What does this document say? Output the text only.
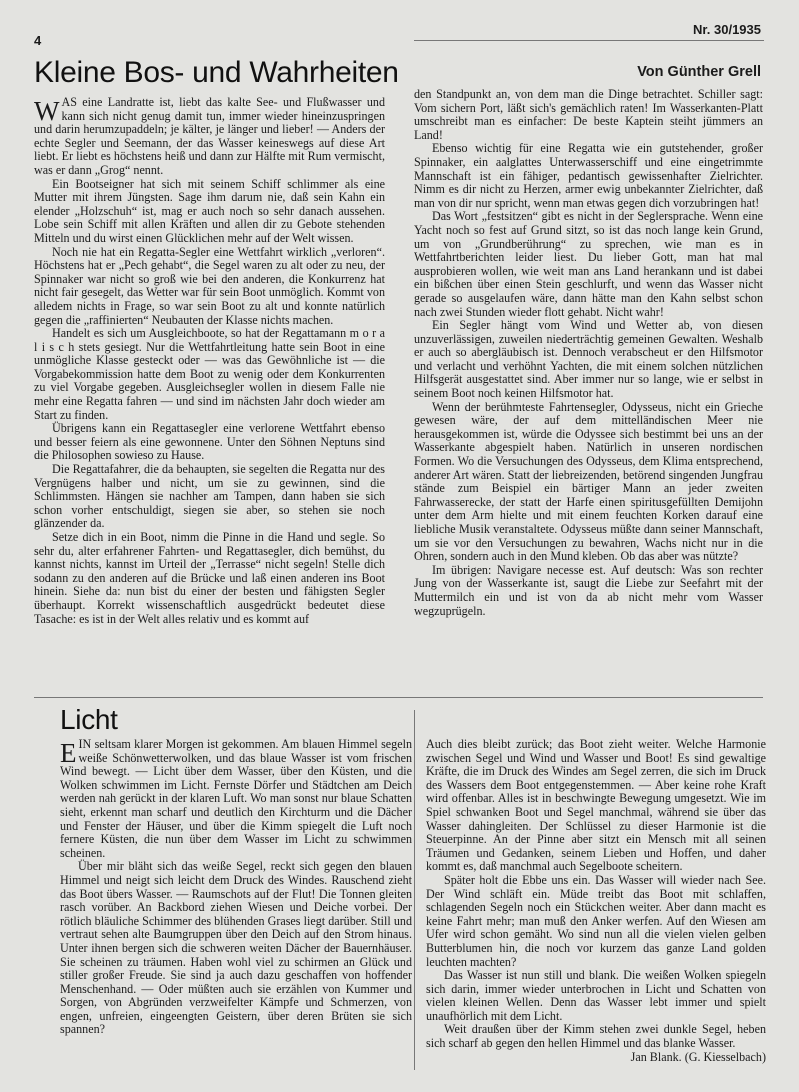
4
Nr. 30/1935
Kleine Bos- und Wahrheiten	Von Günther Grell

WAS eine Landratte ist, liebt das kalte See- und Flußwasser und kann sich nicht genug damit tun, immer wieder hineinzuspringen und darin herumzupaddeln; je kälter, je länger und lieber! — Anders der echte Segler und Seemann, der das Wasser keineswegs auf diese Art liebt. Er liebt es höchstens heiß und dann zur Hälfte mit Rum vermischt, was er dann „Grog“ nennt.

Ein Bootseigner hat sich mit seinem Schiff schlimmer als eine Mutter mit ihrem Jüngsten. Sage ihm darum nie, daß sein Kahn ein elender „Holzschuh“ ist, mag er auch noch so sehr danach aussehen. Lobe sein Schiff mit allen Kräften und allen dir zu Gebote stehenden Mitteln und du wirst einen Glücklichen mehr auf der Welt wissen.

Noch nie hat ein Regatta-Segler eine Wettfahrt wirklich „verloren“. Höchstens hat er „Pech gehabt“, die Segel waren zu alt oder zu neu, der Spinnaker war nicht so groß wie bei den anderen, die Konkurrenz hat nicht fair gesegelt, das Wetter war für sein Boot unmöglich. Kommt von alledem nichts in Frage, so war sein Boot zu alt und konnte natürlich gegen die „raffinierten“ Neubauten der Klasse nichts machen.

Handelt es sich um Ausgleichboote, so hat der Regattamann m o r a l i s c h stets gesiegt. Nur die Wettfahrtleitung hatte sein Boot in eine unmögliche Klasse gesteckt oder — was das Gewöhnliche ist — die Vorgabekommission hatte dem Boot zu wenig oder dem Konkurrenten zu viel Vorgabe gegeben. Ausgleichsegler wollen in diesem Falle nie mehr eine Regatta fahren — und sind im nächsten Jahr doch wieder am Start zu finden.

Übrigens kann ein Regattasegler eine verlorene Wettfahrt ebenso und besser feiern als eine gewonnene. Unter den Söhnen Neptuns sind die Philosophen sowieso zu Hause.

Die Regattafahrer, die da behaupten, sie segelten die Regatta nur des Vergnügens halber und nicht, um sie zu gewinnen, sind die Schlimmsten. Hängen sie nachher am Tampen, dann haben sie sich schon vorher entschuldigt, siegen sie aber, so stehen sie noch glänzender da.

Setze dich in ein Boot, nimm die Pinne in die Hand und segle. So sehr du, alter erfahrener Fahrten- und Regattasegler, dich bemühst, du kannst nichts, kannst im Urteil der „Terrasse“ nicht segeln! Stelle dich sodann zu den anderen auf die Brücke und laß einen anderen ins Boot hinein. Siehe da: nun bist du einer der besten und fähigsten Segler überhaupt. Korrekt wissenschaftlich ausgedrückt bedeutet diese Tasache: es ist in der Welt alles relativ und es kommt auf

den Standpunkt an, von dem man die Dinge betrachtet. Schiller sagt: Vom sichern Port, läßt sich's gemächlich raten! Im Wasserkanten-Platt umschreibt man es einfacher: De beste Kaptein steiht jümmers an Land!

Ebenso wichtig für eine Regatta wie ein gutstehender, großer Spinnaker, ein aalglattes Unterwasserschiff und eine eingetrimmte Mannschaft ist ein fähiger, pedantisch gewissenhafter Zielrichter. Nimm es dir nicht zu Herzen, armer ewig unbekannter Zielrichter, daß man von dir nur spricht, wenn man etwas gegen dich vorzubringen hat!

Das Wort „festsitzen“ gibt es nicht in der Seglersprache. Wenn eine Yacht noch so fest auf Grund sitzt, so ist das noch lange kein Grund, um von „Grundberührung“ zu sprechen, wie man es in Wettfahrtberichten leider liest. Du lieber Gott, man hat mal ausprobieren wollen, wie weit man ans Land herankann und ist dabei ein bißchen über einen Stein geschlurft, und wenn das Wasser nicht gerade so ausgelaufen wäre, dann hätte man den Kahn selbst schon nach zwei Stunden wieder flott gehabt. Nicht wahr!

Ein Segler hängt vom Wind und Wetter ab, von diesen unzuverlässigen, zuweilen niederträchtig gemeinen Gewalten. Weshalb er auch so abergläubisch ist. Dennoch verabscheut er den Hilfsmotor und verlacht und verhöhnt Yachten, die mit einem solchen nützlichen Hilfsgerät ausgestattet sind. Aber immer nur so lange, wie er selbst in seinem Boot noch keinen Hilfsmotor hat.

Wenn der berühmteste Fahrtensegler, Odysseus, nicht ein Grieche gewesen wäre, der auf dem mittelländischen Meer nie herausgekommen ist, würde die Odyssee sich bestimmt bei uns an der Wasserkante abgespielt haben. Natürlich in unseren nordischen Formen. Wo die Versuchungen des Odysseus, dem Klima entsprechend, anderer Art wären. Statt der liebreizenden, betörend singenden Jungfrau stände zum Beispiel ein bärtiger Mann an jeder zweiten Fahrwasserecke, der statt der Harfe einen spiritusgefüllten Demijohn unter dem Arm hielte und mit einem feuchten Korken darauf eine liebliche Musik veranstaltete. Odysseus müßte dann seiner Mannschaft, um sie vor den Versuchungen zu bewahren, Wachs nicht nur in die Ohren, sondern auch in den Mund kleben. Ob das aber was nützte?

Im übrigen: Navigare necesse est. Auf deutsch: Was son rechter Jung von der Wasserkante ist, saugt die Liebe zur Seefahrt mit der Muttermilch ein und ist von da ab nicht mehr vom Wasser wegzuprügeln.

Licht

EIN seltsam klarer Morgen ist gekommen. Am blauen Himmel segeln weiße Schönwetterwolken, und das blaue Wasser ist vom frischen Wind bewegt. — Licht über dem Wasser, über den Küsten, und die Wolken schwimmen im Licht. Fernste Dörfer und Städtchen am Deich werden nah gerückt in der klaren Luft. Wo man sonst nur blaue Schatten sieht, erkennt man scharf und deutlich den Kirchturm und die Dächer und Fenster der Häuser, und über die Kimm spiegelt die Luft noch fernere Küsten, die nun über dem Wasser im Licht zu schwimmen scheinen.

Über mir bläht sich das weiße Segel, reckt sich gegen den blauen Himmel und neigt sich leicht dem Druck des Windes. Rauschend zieht das Boot übers Wasser. — Raumschots auf der Flut! Die Tonnen gleiten rasch vorüber. An Backbord ziehen Wiesen und Deiche vorbei. Der rötlich bläuliche Schimmer des blühenden Grases liegt darüber. Still und vertraut sehen alte Baumgruppen über den Deich auf den Strom hinaus. Unter ihnen bergen sich die schweren weiten Dächer der Bauernhäuser. Sie scheinen zu träumen. Haben wohl viel zu schirmen an Glück und stiller großer Freude. Sie sind ja auch dazu geschaffen von hoffender Menschenhand. — Oder müßten auch sie erzählen von Kummer und Sorgen, von Abgründen verzweifelter Kämpfe und Schmerzen, von engen, unfreien, eingeengten Geistern, über deren Brüten sie sich spannen?

Auch dies bleibt zurück; das Boot zieht weiter. Welche Harmonie zwischen Segel und Wind und Wasser und Boot! Es sind gewaltige Kräfte, die im Druck des Windes am Segel zerren, die sich im Druck des Wassers dem Boot entgegenstemmen. — Aber keine rohe Kraft wird offenbar. Alles ist in beschwingte Bewegung umgesetzt. Wie im Spiel schwanken Boot und Segel manchmal, während sie über das Wasser dahingleiten. Der Schlüssel zu dieser Harmonie ist die Steuerpinne. An der Pinne aber sitzt ein Mensch mit all seinen Träumen und Gedanken, seinem Lieben und Hoffen, und daher kommt es, daß manchmal auch Segelboote scheitern.

Später holt die Ebbe uns ein. Das Wasser will wieder nach See. Der Wind schläft ein. Müde treibt das Boot mit schlaffen, schlagenden Segeln noch ein Stückchen weiter. Aber dann macht es keine Fahrt mehr; man muß den Anker werfen. Auf den Wiesen am Ufer wird schon gemäht. Wo sind nun all die vielen vielen gelben Butterblumen hin, die noch vor kurzem das ganze Land golden leuchten machten?

Das Wasser ist nun still und blank. Die weißen Wolken spiegeln sich darin, immer wieder unterbrochen in Licht und Schatten von vielen kleinen Wellen. Denn das Wasser lebt immer und spielt unaufhörlich mit dem Licht.

Weit draußen über der Kimm stehen zwei dunkle Segel, heben sich scharf ab gegen den hellen Himmel und das blanke Wasser.

Jan Blank. (G. Kiesselbach)
